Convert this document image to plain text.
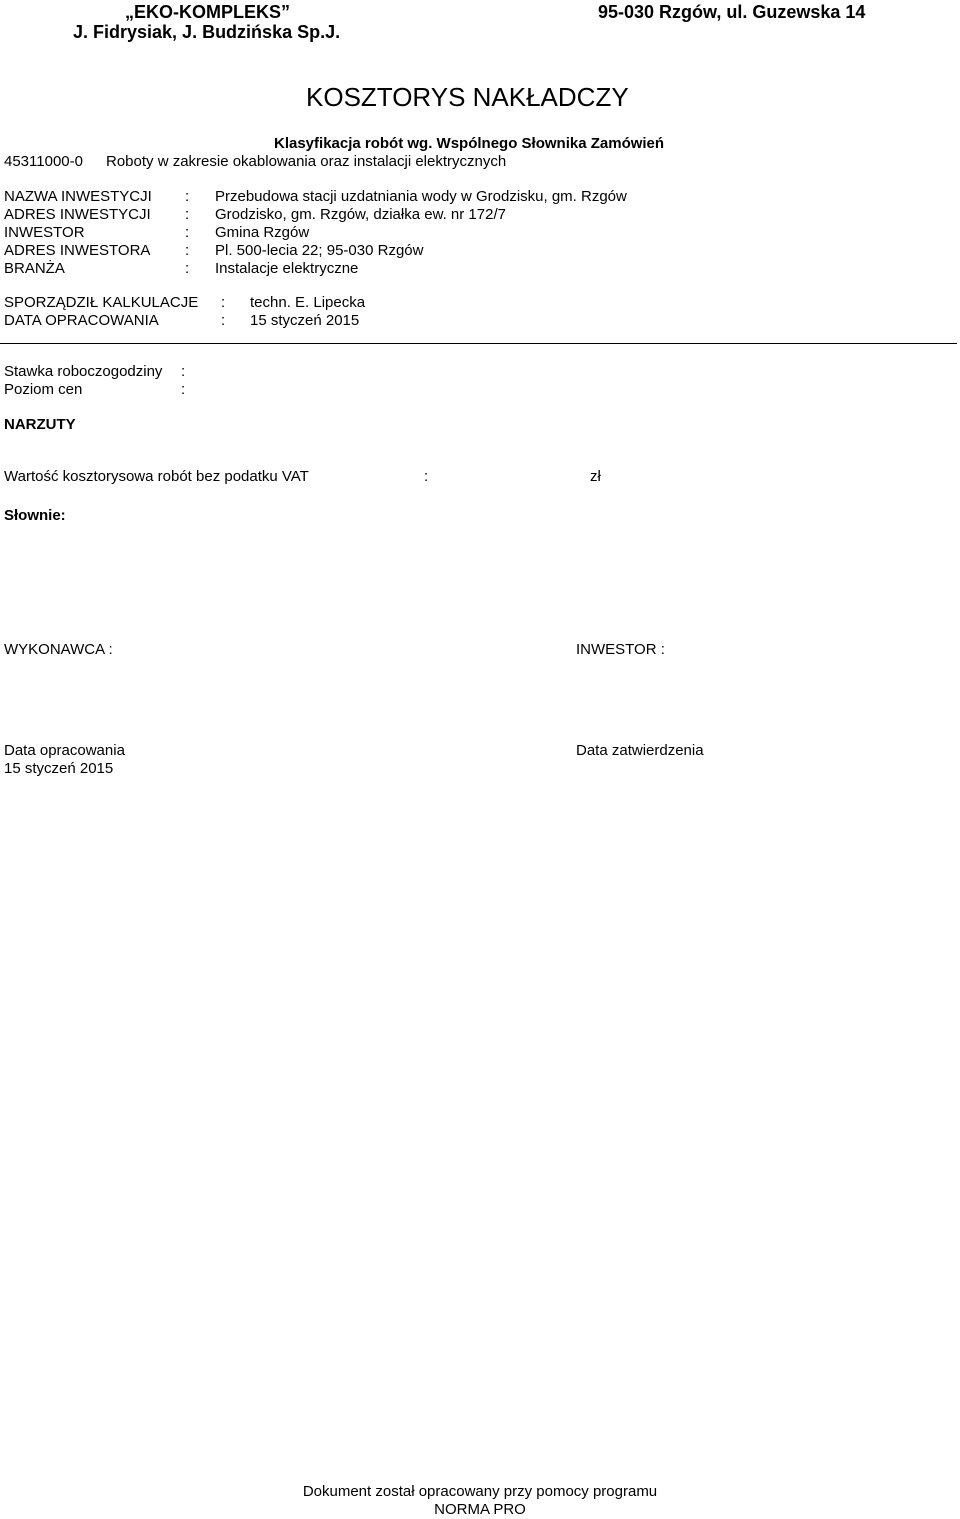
„EKO-KOMPLEKS”
J. Fidrysiak, J. Budzińska Sp.J.
95-030 Rzgów, ul. Guzewska 14
KOSZTORYS NAKŁADCZY
Klasyfikacja robót wg. Wspólnego Słownika Zamówień
45311000-0 Roboty w zakresie okablowania oraz instalacji elektrycznych
NAZWA INWESTYCJI : Przebudowa stacji uzdatniania wody w Grodzisku, gm. Rzgów
ADRES INWESTYCJI : Grodzisko, gm. Rzgów, działka ew. nr 172/7
INWESTOR	: Gmina Rzgów
ADRES INWESTORA : Pl. 500-lecia 22; 95-030 Rzgów
BRANŻA	: Instalacje elektryczne
SPORZĄDZIŁ KALKULACJE : techn. E. Lipecka
DATA OPRACOWANIA	: 15 styczeń 2015
Stawka roboczogodziny :
Poziom cen	:
NARZUTY
Wartość kosztorysowa robót bez podatku VAT	:	zł
Słownie:
WYKONAWCA :	INWESTOR :
Data opracowania
15 styczeń 2015
Data zatwierdzenia
Dokument został opracowany przy pomocy programu
NORMA PRO
